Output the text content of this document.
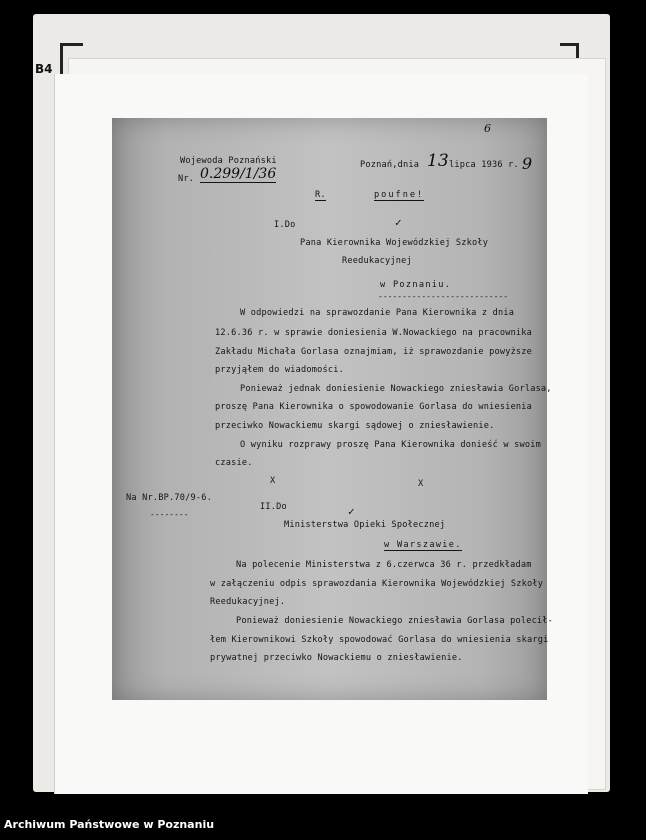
B4
6
Wojewoda Poznański
Nr. 0.299/1/36
Poznań,dnia 13 lipca 1936 r. 9
R.	poufne!
I.Do	✓
Pana Kierownika Wojewódzkiej Szkoły
Reedukacyjnej
w Poznaniu.
---------------------------
W odpowiedzi na sprawozdanie Pana Kierownika z dnia
12.6.36 r. w sprawie doniesienia W.Nowackiego na pracownika
Zakładu Michała Gorlasa oznajmiam, iż sprawozdanie powyższe
przyjąłem do wiadomości.
Ponieważ jednak doniesienie Nowackiego zniesławia Gorlasa,
proszę Pana Kierownika o spowodowanie Gorlasa do wniesienia
przeciwko Nowackiemu skargi sądowej o zniesławienie.
O wyniku rozprawy proszę Pana Kierownika donieść w swoim
czasie.
X	X
Na Nr.BP.70/9-6.
--------
II.Do	✓
Ministerstwa Opieki Społecznej
w Warszawie.
Na polecenie Ministerstwa z 6.czerwca 36 r. przedkładam
w załączeniu odpis sprawozdania Kierownika Wojewódzkiej Szkoły
Reedukacyjnej.
Ponieważ doniesienie Nowackiego zniesławia Gorlasa polecił-
łem Kierownikowi Szkoły spowodować Gorlasa do wniesienia skargi
prywatnej przeciwko Nowackiemu o zniesławienie.
Archiwum Państwowe w Poznaniu
